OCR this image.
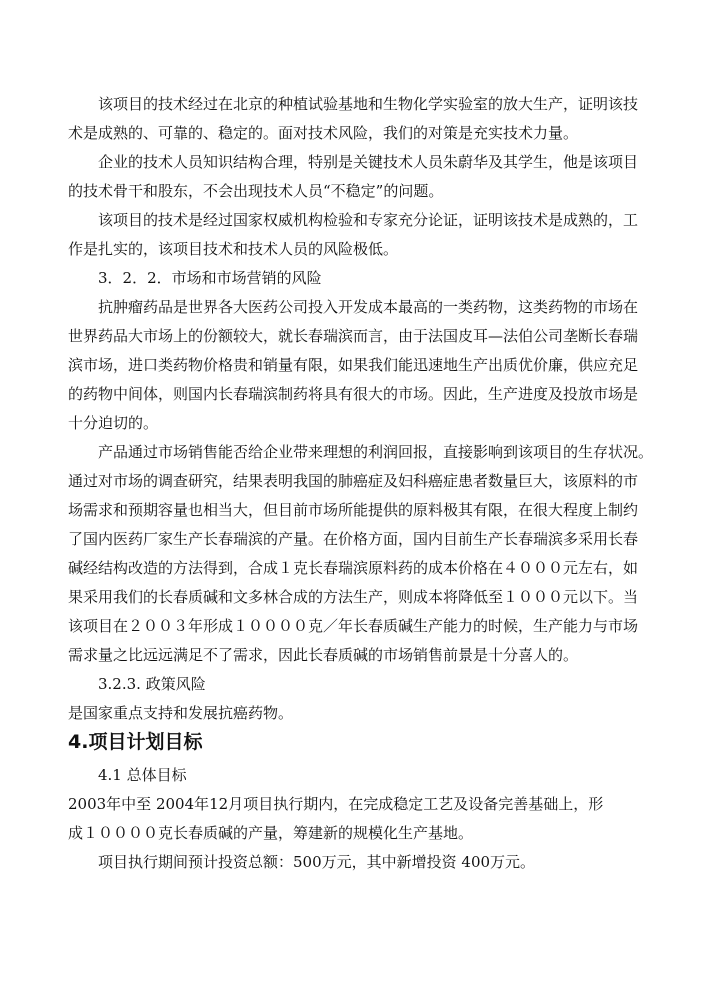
该项目的技术经过在北京的种植试验基地和生物化学实验室的放大生产，证明该技

术是成熟的、可靠的、稳定的。面对技术风险，我们的对策是充实技术力量。

企业的技术人员知识结构合理，特别是关键技术人员朱蔚华及其学生，他是该项目

的技术骨干和股东，不会出现技术人员“不稳定”的问题。

该项目的技术是经过国家权威机构检验和专家充分论证，证明该技术是成熟的，工

作是扎实的，该项目技术和技术人员的风险极低。

3．2．2．市场和市场营销的风险

抗肿瘤药品是世界各大医药公司投入开发成本最高的一类药物，这类药物的市场在

世界药品大市场上的份额较大，就长春瑞滨而言，由于法国皮耳—法伯公司垄断长春瑞

滨市场，进口类药物价格贵和销量有限，如果我们能迅速地生产出质优价廉，供应充足

的药物中间体，则国内长春瑞滨制药将具有很大的市场。因此，生产进度及投放市场是

十分迫切的。

产品通过市场销售能否给企业带来理想的利润回报，直接影响到该项目的生存状况。

通过对市场的调查研究，结果表明我国的肺癌症及妇科癌症患者数量巨大，该原料的市

场需求和预期容量也相当大，但目前市场所能提供的原料极其有限，在很大程度上制约

了国内医药厂家生产长春瑞滨的产量。在价格方面，国内目前生产长春瑞滨多采用长春

碱经结构改造的方法得到，合成１克长春瑞滨原料药的成本价格在４０００元左右，如

果采用我们的长春质碱和文多林合成的方法生产，则成本将降低至１０００元以下。当

该项目在２００３年形成１００００克／年长春质碱生产能力的时候，生产能力与市场

需求量之比远远满足不了需求，因此长春质碱的市场销售前景是十分喜人的。

3.2.3. 政策风险

是国家重点支持和发展抗癌药物。

4.项目计划目标

4.1 总体目标

2003年中至 2004年12月项目执行期内，在完成稳定工艺及设备完善基础上，形

成１００００克长春质碱的产量，筹建新的规模化生产基地。

项目执行期间预计投资总额：500万元，其中新增投资 400万元。
